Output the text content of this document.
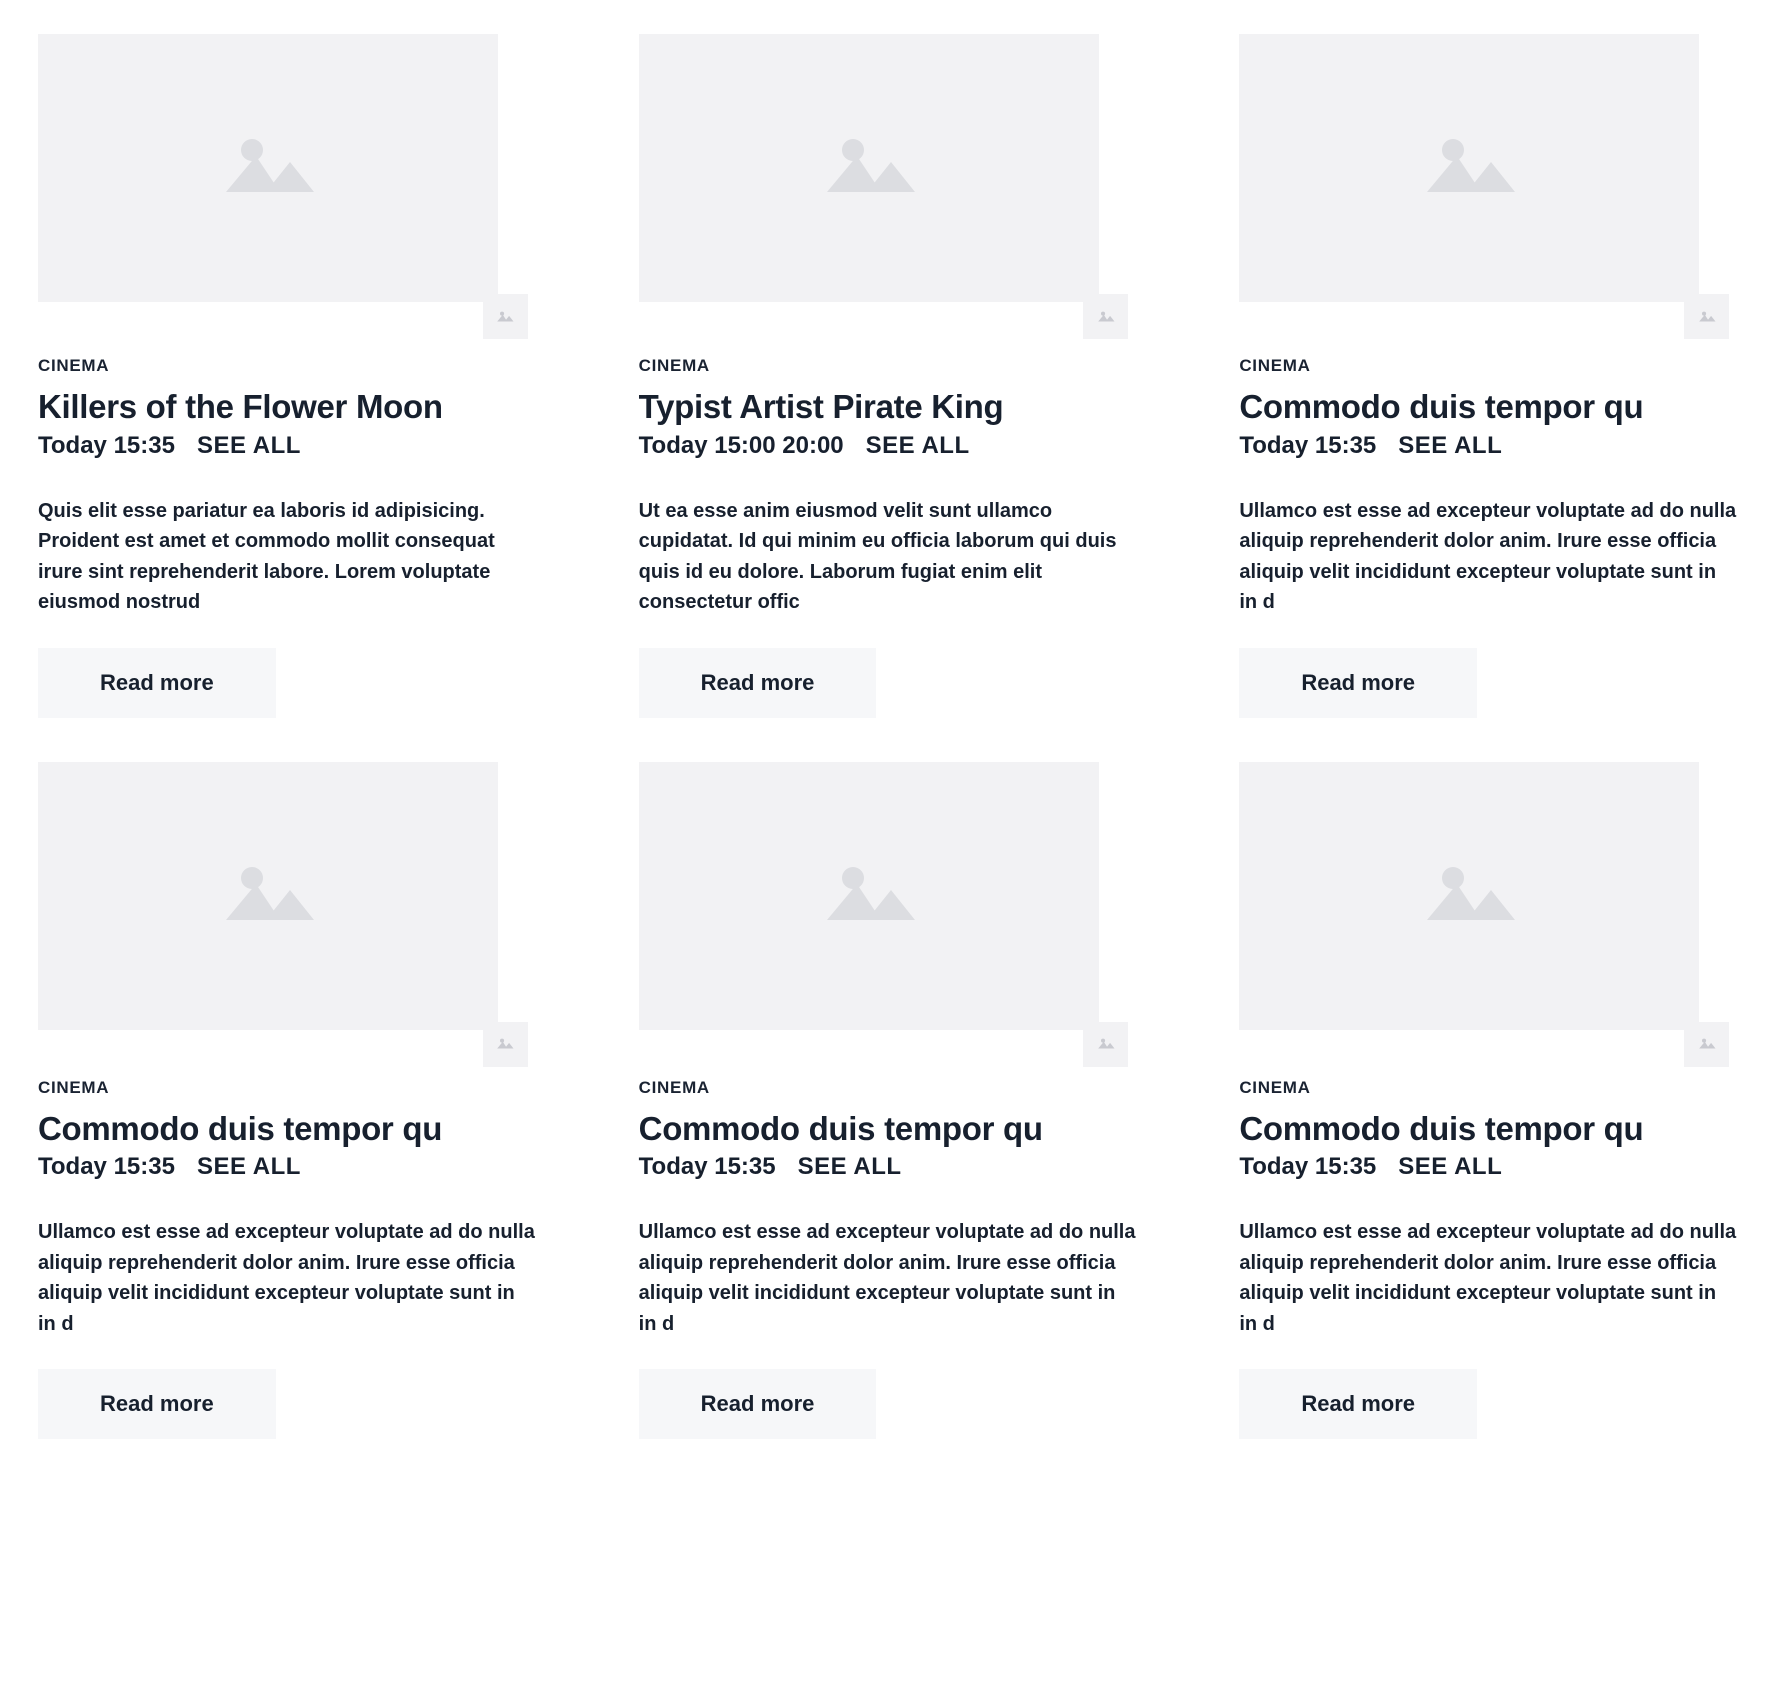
CINEMA
Killers of the Flower Moon
Today 15:35 SEE ALL

Quis elit esse pariatur ea laboris id adipisicing. Proident est amet et commodo mollit consequat irure sint reprehenderit labore. Lorem voluptate eiusmod nostrud

Read more
CINEMA
Typist Artist Pirate King
Today 15:00 20:00 SEE ALL

Ut ea esse anim eiusmod velit sunt ullamco cupidatat. Id qui minim eu officia laborum qui duis quis id eu dolore. Laborum fugiat enim elit consectetur offic

Read more
CINEMA
Commodo duis tempor qu
Today 15:35 SEE ALL

Ullamco est esse ad excepteur voluptate ad do nulla aliquip reprehenderit dolor anim. Irure esse officia aliquip velit incididunt excepteur voluptate sunt in in d

Read more
CINEMA
Commodo duis tempor qu
Today 15:35 SEE ALL

Ullamco est esse ad excepteur voluptate ad do nulla aliquip reprehenderit dolor anim. Irure esse officia aliquip velit incididunt excepteur voluptate sunt in in d

Read more
CINEMA
Commodo duis tempor qu
Today 15:35 SEE ALL

Ullamco est esse ad excepteur voluptate ad do nulla aliquip reprehenderit dolor anim. Irure esse officia aliquip velit incididunt excepteur voluptate sunt in in d

Read more
CINEMA
Commodo duis tempor qu
Today 15:35 SEE ALL

Ullamco est esse ad excepteur voluptate ad do nulla aliquip reprehenderit dolor anim. Irure esse officia aliquip velit incididunt excepteur voluptate sunt in in d

Read more
